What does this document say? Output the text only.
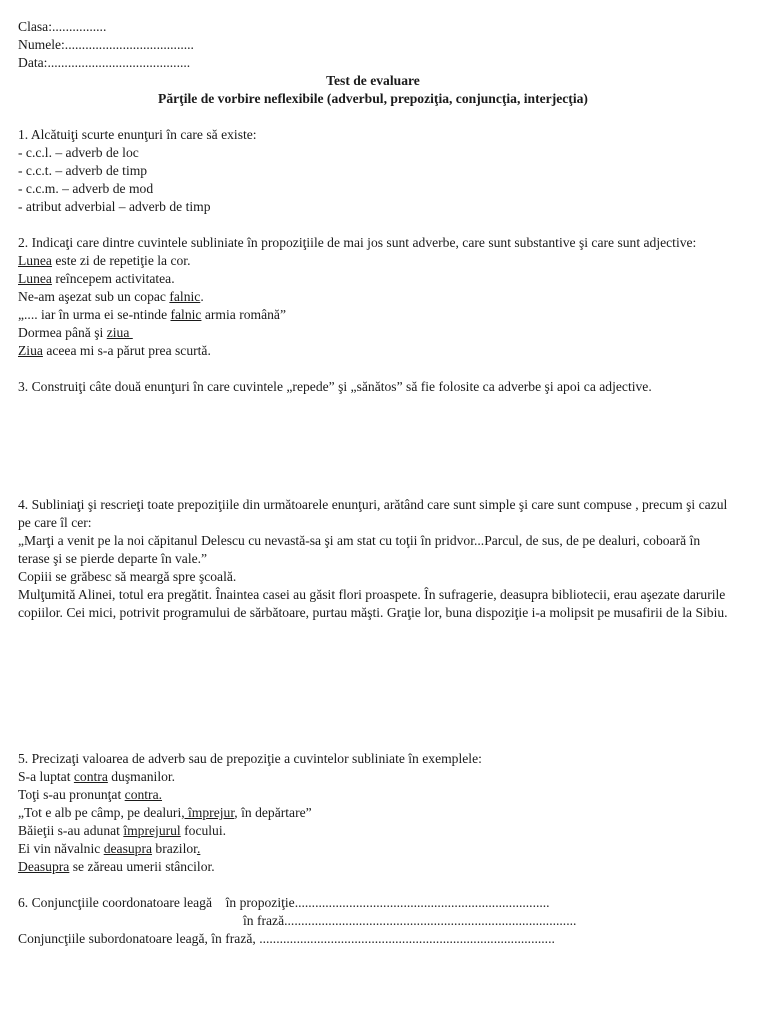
Clasa:................
Numele:......................................
Data:..........................................
Test de evaluare
Părţile de vorbire neflexibile (adverbul, prepoziţia, conjuncţia, interjecţia)
1. Alcătuiţi scurte enunţuri în care să existe:
- c.c.l. – adverb de loc
- c.c.t. – adverb de timp
- c.c.m. – adverb de mod
- atribut adverbial – adverb de timp
2. Indicaţi care dintre cuvintele subliniate în propoziţiile de mai jos sunt adverbe, care sunt substantive şi care sunt adjective:
Lunea este zi de repetiţie la cor.
Lunea reîncepem activitatea.
Ne-am aşezat sub un copac falnic.
„.... iar în urma ei se-ntinde falnic armia română”
Dormea până şi ziua
Ziua aceea mi s-a părut prea scurtă.
3. Construiţi câte două enunţuri în care cuvintele „repede” şi „sănătos” să fie folosite ca adverbe şi apoi ca adjective.
4. Subliniaţi şi rescrieţi toate prepoziţiile din următoarele enunţuri, arătând care sunt simple şi care sunt compuse , precum şi cazul pe care îl cer:
„Marţi a venit pe la noi căpitanul Delescu cu nevastă-sa şi am stat cu toţii în pridvor...Parcul, de sus, de pe dealuri, coboară în terase şi se pierde departe în vale.”
Copiii se grăbesc să meargă spre şcoală.
Mulţumită Alinei, totul era pregătit. Înaintea casei au găsit flori proaspete. În sufragerie, deasupra bibliotecii, erau aşezate darurile copiilor. Cei mici, potrivit programului de sărbătoare, purtau măşti. Graţie lor, buna dispoziţie i-a molipsit pe musafirii de la Sibiu.
5. Precizaţi valoarea de adverb sau de prepoziţie a cuvintelor subliniate în exemplele:
S-a luptat contra duşmanilor.
Toţi s-au pronunţat contra.
„Tot e alb pe câmp, pe dealuri, împrejur, în depărtare”
Băieţii s-au adunat împrejurul focului.
Ei vin năvalnic deasupra brazilor.
Deasupra se zăreau umerii stâncilor.
6. Conjuncţiile coordonatoare leagă    în propoziţie...........................................................................
în frază......................................................................................
Conjuncţiile subordonatoare leagă, în frază, .......................................................................................
